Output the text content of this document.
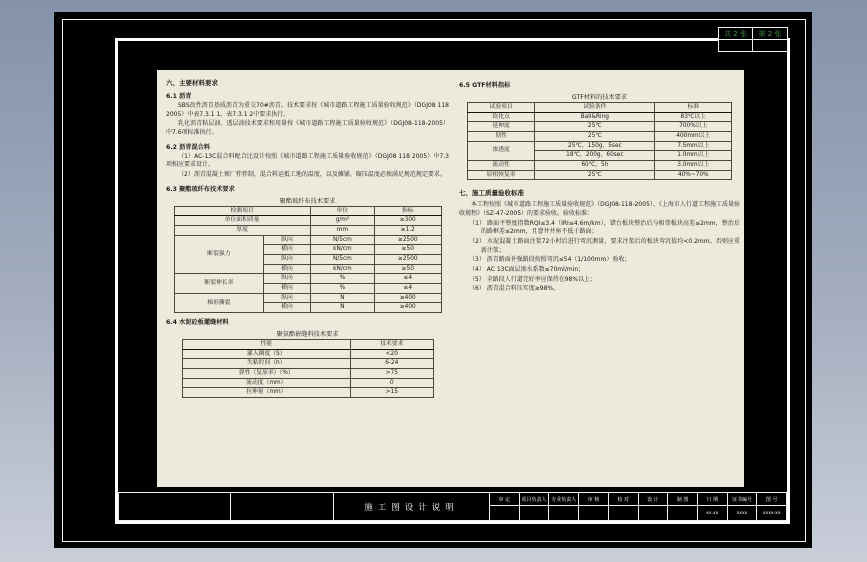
共 2 张	第 2 张
六、主要材料要求
6.1 沥青

SBS改性沥青基质沥青为重交70#沥青。技术要求按《城市道路工程施工质量验收规范》（DGJ08 118 2005）中表7.3.1 1、表7.3.1 2中要求执行。

乳化沥青粘层油、透层油技术要求和用量按《城市道路工程施工质量验收规范》（DGJ08-118-2005）中7.6项标准执行。

6.2 沥青混合料

（1）AC-13C混合料配合比设计按照《城市道路工程施工质量验收规范》（DGJ08 118 2005）中7.3项相应要求设计。

（2）沥青混凝土须厂拌拌制，混合料运抵工地的温度，以及摊铺、碾压温度必须满足规范规定要求。

6.3 聚酯玻纤布技术要求
聚酯玻纤布技术要求
检测项目		单位	指标
单位面积质量		g/m²	≥300
厚度		mm	≥1.2
断裂强力	纵向	N/5cm	≥2500
	横向	kN/cm	≥50
	纵向	N/5cm	≥2500
	横向	kN/cm	≥50
断裂伸长率	纵向	%	≤4
	横向	%	≤4
梯形撕裂	纵向	N	≥400
	横向	N	≥400
6.4 水泥砼板灌缝材料
聚氨酯嵌缝料技术要求
性能	技术要求
灌入稠度（S）	<20
失粘时间（h）	6-24
弹性（复原率）（%）	>75
流动度（mm）	0
拉伸量（mm）	>15
6.5 GTF材料指标
GTF材料的技术要求
试验项目	试验条件	标准
软化点	Ball&Ring	83℃以上
延伸度	25℃	700%以上
韧性	25℃	400mm以上
渗透度	25℃，150g，5sec	7.5mm以上
	18℃，200g，60sec	1.0mm以上
流动性	60℃，5h	3.0mm以上
原相恢复率	25℃	40%~70%
七、施工质量验收标准

本工程按照《城市道路工程施工质量验收规范》（DGJ08-118-2005）、《上海市人行道工程施工质量验收规程》（SZ-47-2005）的要求验收。验收标准：

（1） 路面平整度指数RQI≤3.4（IRI≤4.6m/km），错台板块整治后与相邻板块高差≤2mm，整治后的路框差≤2mm，且窨井井座不低于路面；
（2） 水泥混凝土路面注浆72小时后进行弯沉测量，要求注浆后的板块弯沉值均<0.2mm。否则应重新注浆；
（3） 沥青路面补强路段按照弯沉≤54（1/100mm）验收；
（4） AC 13C面层渗水系数≤70ml/min；
（5） 全路段人行道完好率应保持在98%以上；
（6） 沥青混合料压实度≥98%。
施工图设计说明
审 定	项目负责人 专业负责人	审 核	校 对	设 计	制 图	日 期
xx.xx
证书编号
xxxx
图 号
xxxx-xx
